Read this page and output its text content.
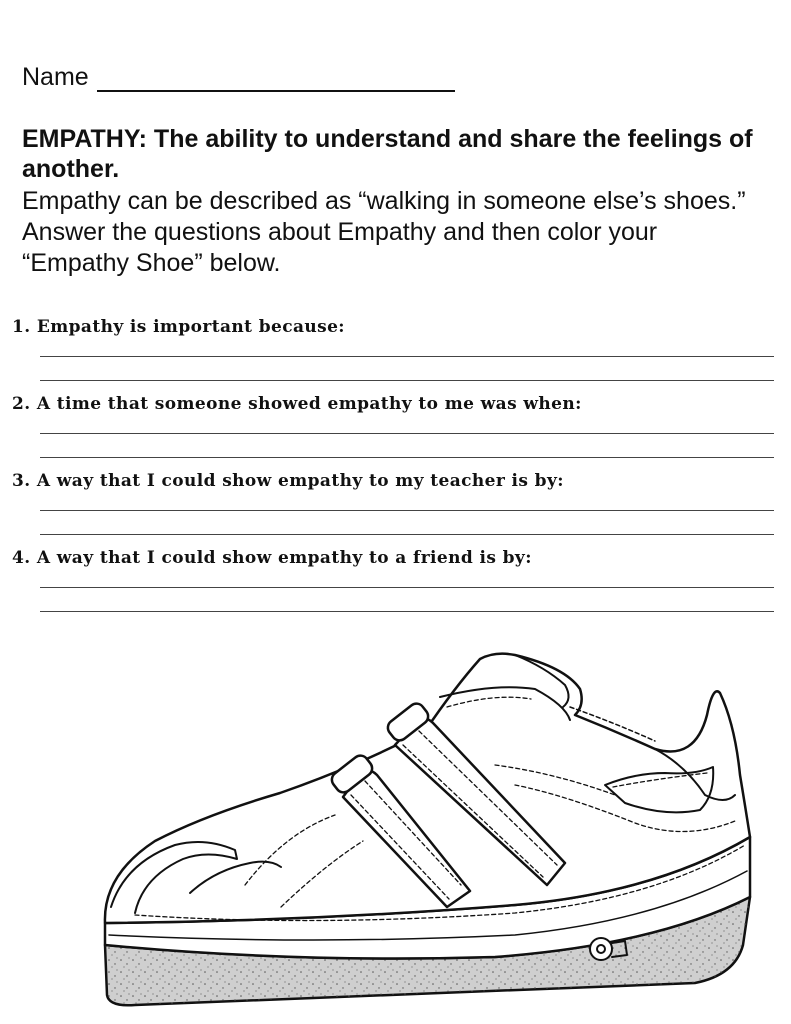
Name
EMPATHY: The ability to understand and share the feelings of another.
Empathy can be described as “walking in someone else’s shoes.” Answer the questions about Empathy and then color your “Empathy Shoe” below.
1. Empathy is important because:
2. A time that someone showed empathy to me was when:
3. A way that I could show empathy to my teacher is by:
4. A way that I could show empathy to a friend is by:
